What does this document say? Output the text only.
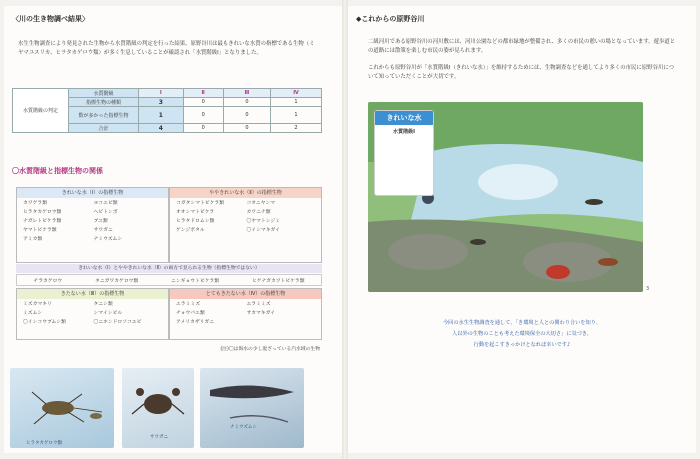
〈川の生き物調べ結果〉
水生生物調査により発見された生物から水質階級の判定を行った結果、原野谷川は最もきれいな水質の指標である生物（ミヤマユスリカ、ヒラタカゲロウ類）が多く生息していることが確認され「水質階級Ⅰ」となりました。
水質階級の判定	水質階級	Ⅰ	Ⅱ	Ⅲ	Ⅳ
	指標生物の種類	3	0	0	1
	数が多かった指標生物	1	0	0	1
	合計	4	0	0	2
〇水質階級と指標生物の関係
きれいな水（Ⅰ）の指標生物
カワゲラ類	ヨコエビ類
ヒラタカゲロウ類	ヘビトンボ
ナガレトビケラ類	ブユ類
ヤマトビケラ類	サワガニ
アミカ類	ナミウズムシ
ややきれいな水（Ⅱ）の指標生物
コガタシマトビケラ類	コオニヤンマ
オオシマトビケラ	カワニナ類
ヒラタドロムシ類	〇ヤマトシジミ
ゲンジボタル	〇イシマキガイ
きれいな水（Ⅰ）とややきれいな水（Ⅱ）の両方で見られる生物（指標生物ではない）
チラカゲロウ	タニガワカゲロウ類	ニンギョウトビケラ類	ヒゲナガカワトビケラ類
きたない水（Ⅲ）の指標生物
ミズカマキリ	タニシ類
ミズムシ	シマイシビル
〇イシコウブムシ類	〇ニホンドロソコエビ
とてもきたない水（Ⅳ）の指標生物
エラミミズ	エラミミズ
チョウバエ類	サカマキガイ
アメリカザリガニ
(注)〇は海水の少し混ざっている汽水域の生物
ヒラタカゲロウ類
サワガニ
ナミウズムシ
◆これからの原野谷川
二級河川である原野谷川の河川敷には、河川公園などの都市緑地が整備され、多くの市民の憩いの場となっています。遊歩道との道路には散策を楽しむ市民の姿が見られます。
これからも原野谷川が「水質階級Ⅰ（きれいな水）」を維持するためには、生物調査などを通してより多くの市民に原野谷川について知っていただくことが大切です。
きれいな水
水質階級Ⅰ
3
今回の水生生物調査を通して、「き環境と人との関わり合いを知り、
人以外の生物のことも考えた環境保全の大切さ」に気づき、
行動を起こすきっかけとなれば幸いです♪
